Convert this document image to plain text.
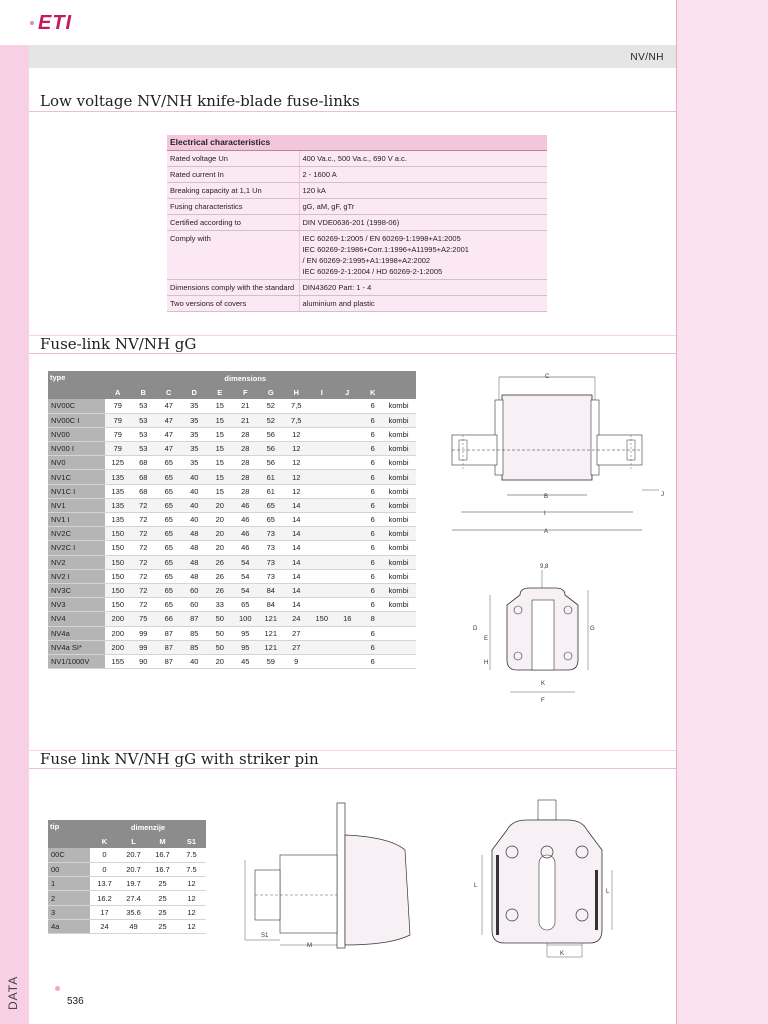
ETI
NV/NH
Low voltage NV/NH knife-blade fuse-links
Electrical characteristics	
Rated voltage Un	400 Va.c., 500 Va.c., 690 V a.c.
Rated current In	2 - 1600 A
Breaking capacity at 1,1 Un	120 kA
Fusing characteristics	gG, aM, gF, gTr
Certified according to	DIN VDE0636-201 (1998-06)
Comply with	IEC 60269-1:2005 / EN 60269-1:1998+A1:2005
IEC 60269-2:1986+Corr.1:1996+A11995+A2:2001
/ EN 60269-2:1995+A1:1998+A2:2002
IEC 60269-2-1:2004 / HD 60269-2-1:2005

Dimensions comply with the standard	DIN43620 Part: 1 - 4
Two versions of covers	aluminium and plastic
Fuse-link NV/NH gG
type	dimensions											
	A	B	C	D	E	F	G	H	I	J	K	
NV00C	79	53	47	35	15	21	52	7,5			6	kombi
NV00C I	79	53	47	35	15	21	52	7,5			6	kombi
NV00	79	53	47	35	15	28	56	12			6	kombi
NV00 I	79	53	47	35	15	28	56	12			6	kombi
NV0	125	68	65	35	15	28	56	12			6	kombi
NV1C	135	68	65	40	15	28	61	12			6	kombi
NV1C I	135	68	65	40	15	28	61	12			6	kombi
NV1	135	72	65	40	20	46	65	14			6	kombi
NV1 I	135	72	65	40	20	46	65	14			6	kombi
NV2C	150	72	65	48	20	46	73	14			6	kombi
NV2C I	150	72	65	48	20	46	73	14			6	kombi
NV2	150	72	65	48	26	54	73	14			6	kombi
NV2 I	150	72	65	48	26	54	73	14			6	kombi
NV3C	150	72	65	60	26	54	84	14			6	kombi
NV3	150	72	65	60	33	65	84	14			6	kombi
NV4	200	75	66	87	50	100	121	24	150	16	8	
NV4a	200	99	87	85	50	95	121	27			6	
NV4a SI*	200	99	87	85	50	95	121	27			6	
NV1/1000V	155	90	87	40	20	45	59	9			6	
C
B
I
A
J
9,8
D
E
H
G
K
F
Fuse link NV/NH gG with striker pin
tip	dimenzije			
	K	L	M	S1
00C	0	20.7	16.7	7.5
00	0	20.7	16.7	7.5
1	13.7	19.7	25	12
2	16.2	27.4	25	12
3	17	35.6	25	12
4a	24	49	25	12
S1
M
L
L
K
536
DATA
